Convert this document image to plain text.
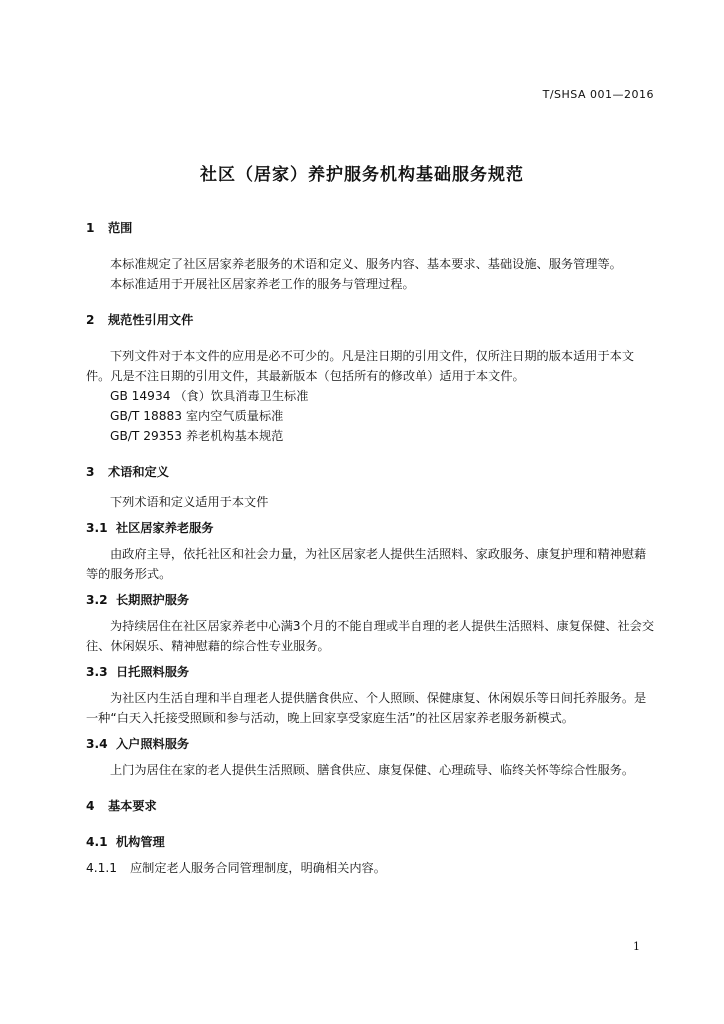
T/SHSA 001—2016
社区（居家）养护服务机构基础服务规范

1 范围

本标准规定了社区居家养老服务的术语和定义、服务内容、基本要求、基础设施、服务管理等。

本标准适用于开展社区居家养老工作的服务与管理过程。

2 规范性引用文件

下列文件对于本文件的应用是必不可少的。凡是注日期的引用文件，仅所注日期的版本适用于本文件。凡是不注日期的引用文件，其最新版本（包括所有的修改单）适用于本文件。

GB 14934 （食）饮具消毒卫生标准

GB/T 18883 室内空气质量标准

GB/T 29353 养老机构基本规范

3 术语和定义

下列术语和定义适用于本文件

3.1 社区居家养老服务

由政府主导，依托社区和社会力量，为社区居家老人提供生活照料、家政服务、康复护理和精神慰藉等的服务形式。

3.2 长期照护服务

为持续居住在社区居家养老中心满3个月的不能自理或半自理的老人提供生活照料、康复保健、社会交往、休闲娱乐、精神慰藉的综合性专业服务。

3.3 日托照料服务

为社区内生活自理和半自理老人提供膳食供应、个人照顾、保健康复、休闲娱乐等日间托养服务。是一种“白天入托接受照顾和参与活动，晚上回家享受家庭生活”的社区居家养老服务新模式。

3.4 入户照料服务

上门为居住在家的老人提供生活照顾、膳食供应、康复保健、心理疏导、临终关怀等综合性服务。

4 基本要求

4.1 机构管理

4.1.1 应制定老人服务合同管理制度，明确相关内容。

1
